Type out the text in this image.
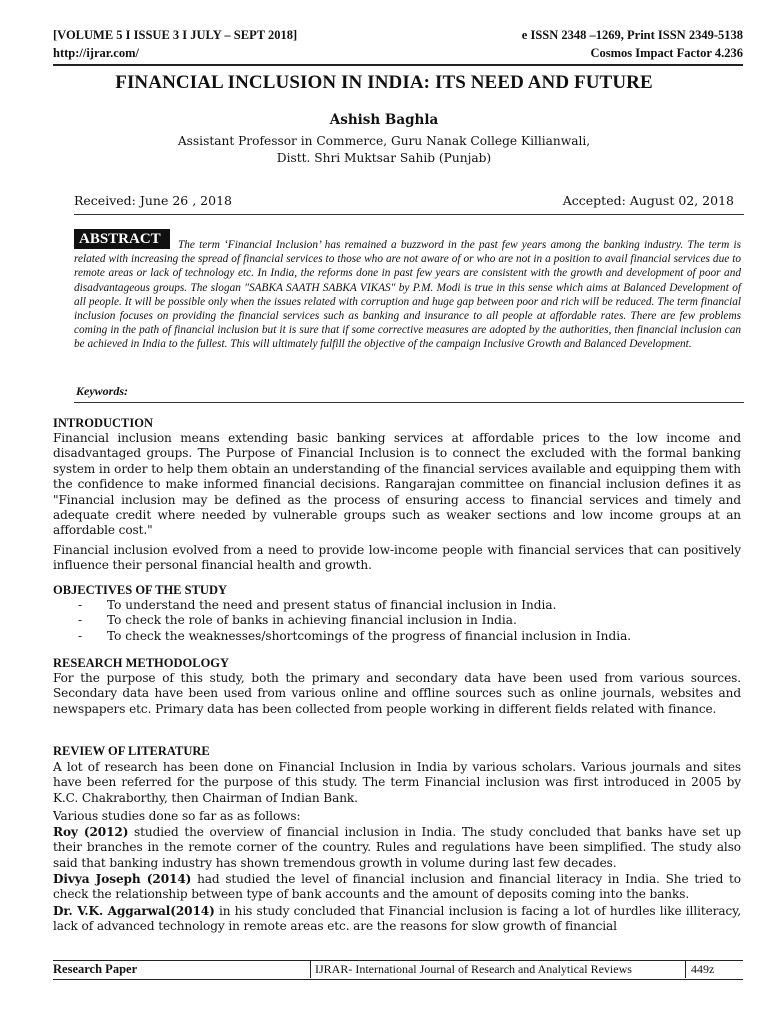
[VOLUME 5 I ISSUE 3 I JULY – SEPT 2018]	e ISSN 2348 –1269, Print ISSN 2349-5138
http://ijrar.com/	Cosmos Impact Factor 4.236
FINANCIAL INCLUSION IN INDIA: ITS NEED AND FUTURE
Ashish Baghla
Assistant Professor in Commerce, Guru Nanak College Killianwali,
Distt. Shri Muktsar Sahib (Punjab)
Received: June 26 , 2018	Accepted: August 02, 2018

The term ‘Financial Inclusion’ has remained a buzzword in the past few years among the banking industry. The term is related with increasing the spread of financial services to those who are not aware of or who are not in a position to avail financial services due to remote areas or lack of technology etc. In India, the reforms done in past few years are consistent with the growth and development of poor and disadvantageous groups. The slogan "SABKA SAATH SABKA VIKAS" by P.M. Modi is true in this sense which aims at Balanced Development of all people. It will be possible only when the issues related with corruption and huge gap between poor and rich will be reduced. The term financial inclusion focuses on providing the financial services such as banking and insurance to all people at affordable rates. There are few problems coming in the path of financial inclusion but it is sure that if some corrective measures are adopted by the authorities, then financial inclusion can be achieved in India to the fullest. This will ultimately fulfill the objective of the campaign Inclusive Growth and Balanced Development.

ABSTRACT
Keywords:
INTRODUCTION

Financial inclusion means extending basic banking services at affordable prices to the low income and disadvantaged groups. The Purpose of Financial Inclusion is to connect the excluded with the formal banking system in order to help them obtain an understanding of the financial services available and equipping them with the confidence to make informed financial decisions. Rangarajan committee on financial inclusion defines it as "Financial inclusion may be defined as the process of ensuring access to financial services and timely and adequate credit where needed by vulnerable groups such as weaker sections and low income groups at an affordable cost."

Financial inclusion evolved from a need to provide low-income people with financial services that can positively influence their personal financial health and growth.

OBJECTIVES OF THE STUDY
-	To understand the need and present status of financial inclusion in India.
-	To check the role of banks in achieving financial inclusion in India.
-	To check the weaknesses/shortcomings of the progress of financial inclusion in India.
RESEARCH METHODOLOGY

For the purpose of this study, both the primary and secondary data have been used from various sources. Secondary data have been used from various online and offline sources such as online journals, websites and newspapers etc. Primary data has been collected from people working in different fields related with finance.

REVIEW OF LITERATURE

A lot of research has been done on Financial Inclusion in India by various scholars. Various journals and sites have been referred for the purpose of this study. The term Financial inclusion was first introduced in 2005 by K.C. Chakraborthy, then Chairman of Indian Bank.

Various studies done so far as as follows:

Roy (2012) studied the overview of financial inclusion in India. The study concluded that banks have set up their branches in the remote corner of the country. Rules and regulations have been simplified. The study also said that banking industry has shown tremendous growth in volume during last few decades.

Divya Joseph (2014) had studied the level of financial inclusion and financial literacy in India. She tried to check the relationship between type of bank accounts and the amount of deposits coming into the banks.

Dr. V.K. Aggarwal(2014) in his study concluded that Financial inclusion is facing a lot of hurdles like illiteracy, lack of advanced technology in remote areas etc. are the reasons for slow growth of financial

Research Paper	IJRAR- International Journal of Research and Analytical Reviews	449z
